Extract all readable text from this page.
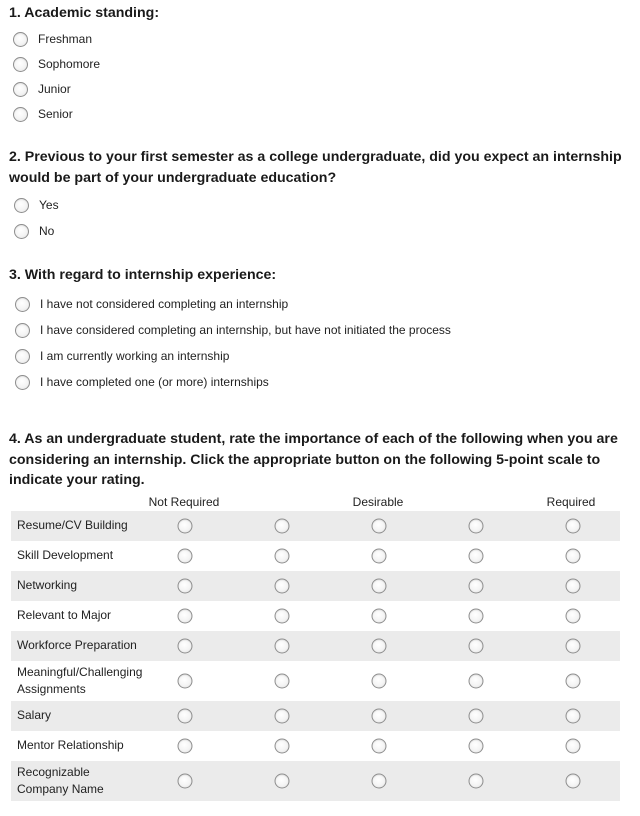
1. Academic standing:
Freshman
Sophomore
Junior
Senior
2. Previous to your first semester as a college undergraduate, did you expect an internship
would be part of your undergraduate education?
Yes
No
3. With regard to internship experience:
I have not considered completing an internship
I have considered completing an internship, but have not initiated the process
I am currently working an internship
I have completed one (or more) internships
4. As an undergraduate student, rate the importance of each of the following when you are
considering an internship. Click the appropriate button on the following 5-point scale to
indicate your rating.
Not Required	Desirable	Required
Resume/CV Building
Skill Development
Networking
Relevant to Major
Workforce Preparation
Meaningful/Challenging
Assignments
Salary
Mentor Relationship
Recognizable
Company Name
